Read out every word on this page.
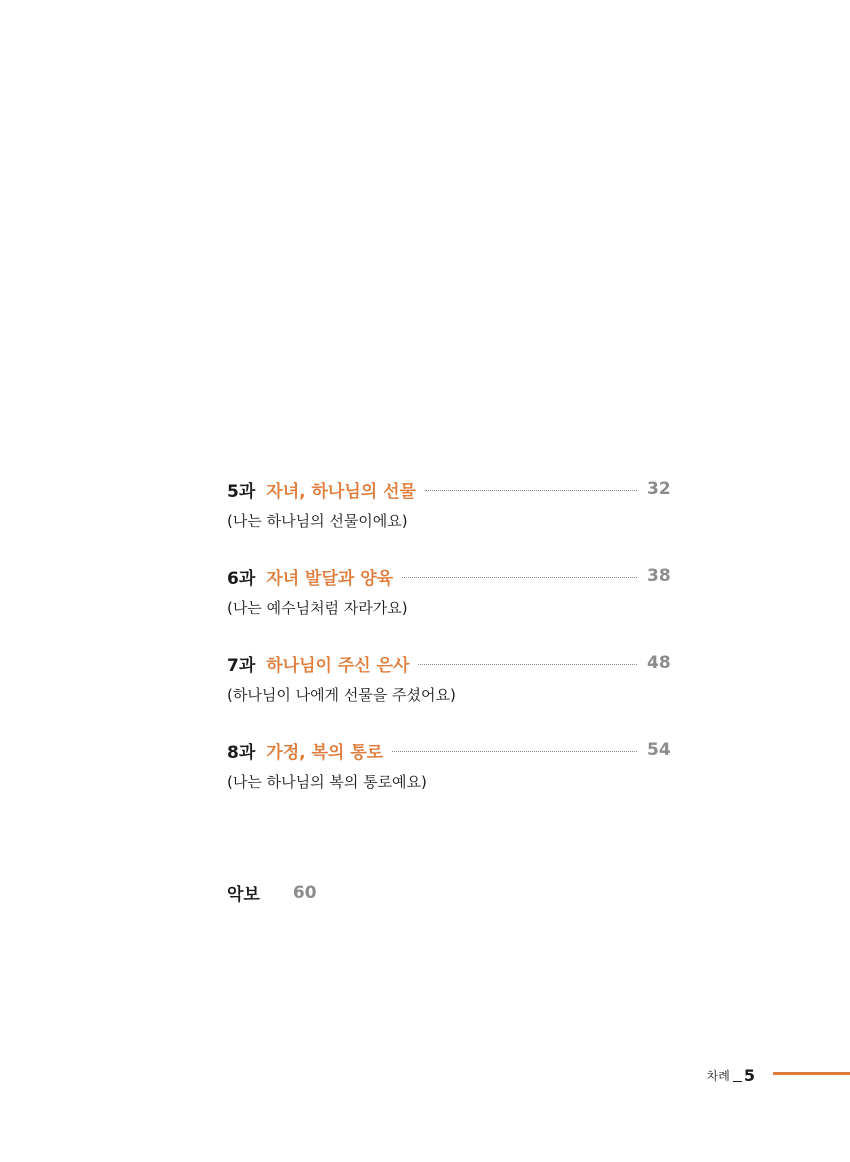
5과 자녀, 하나님의 선물	32
(나는 하나님의 선물이에요)
6과 자녀 발달과 양육	38
(나는 예수님처럼 자라가요)
7과 하나님이 주신 은사	48
(하나님이 나에게 선물을 주셨어요)
8과 가정, 복의 통로	54
(나는 하나님의 복의 통로예요)
악보 60
차례 5
